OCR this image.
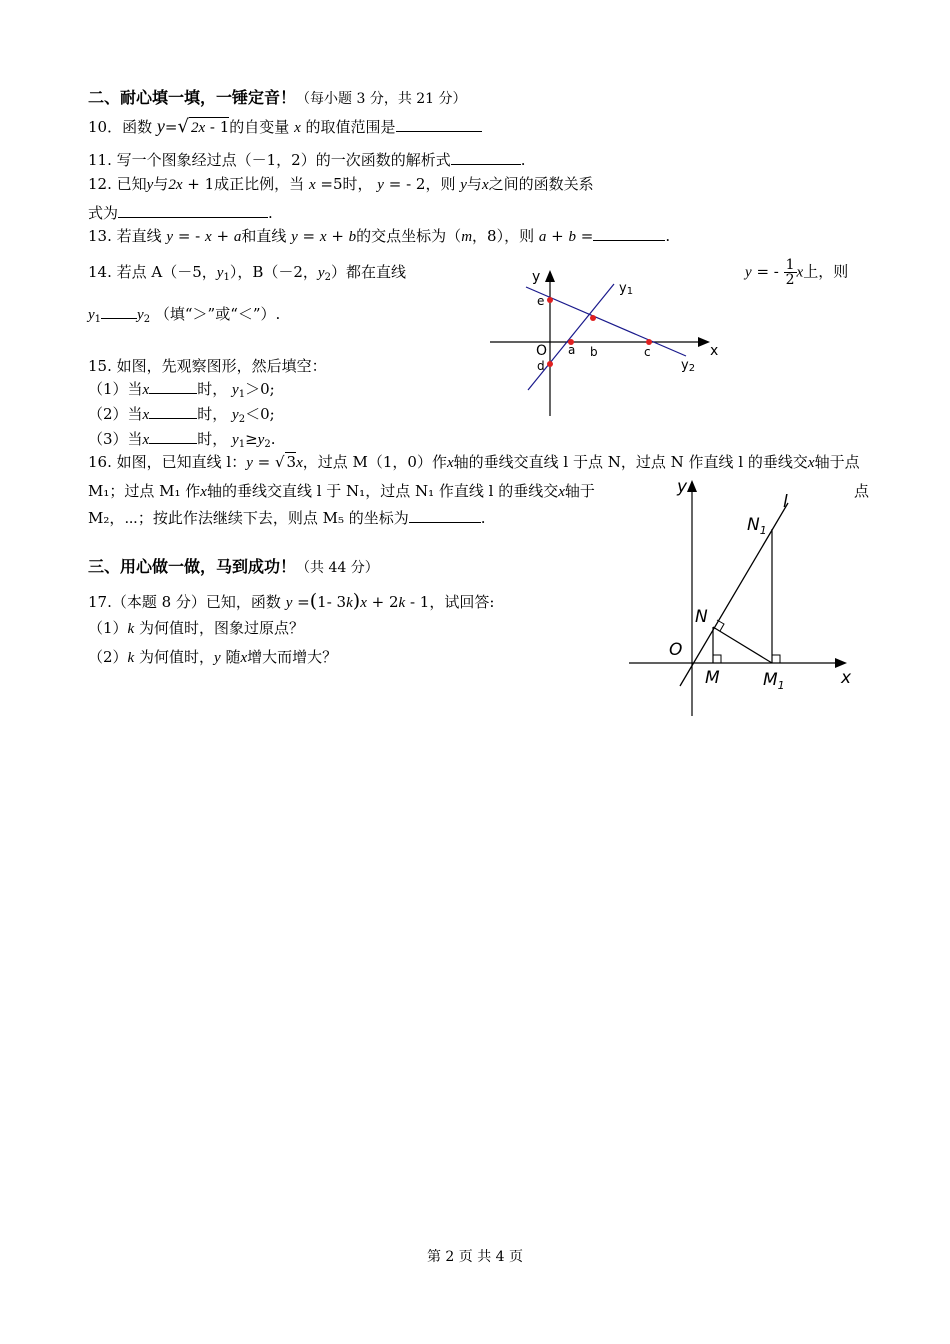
二、耐心填一填，一锤定音！（每小题 3 分，共 21 分）
10．函数 y=√ 2x - 1的自变量 x 的取值范围是
11. 写一个图象经过点（－1，2）的一次函数的解析式	.
12. 已知y与2x + 1成正比例，当 x =5时， y = - 2，则 y与x之间的函数关系
式为	.
13. 若直线 y = - x + a和直线 y = x + b的交点坐标为（m，8），则 a + b =	.
14. 若点 A（－5，$y_1$），B（－2，$y_2$）都在直线	y = - $\frac{1}{2}$ x上，则
$y_1$ $y_2$ （填“＞”或“＜”）.
y
x
O
e
a b	c
d
y1
y2
15. 如图，先观察图形，然后填空：
（1）当x	时， $y_1>0$;
（2）当x	时， $y_2<0$;
（3）当x	时， $y_1\ge y_2$.
16. 如图，已知直线 l：y = √ 3x，过点 M（1，0）作x轴的垂线交直线 l 于点 N，过点 N 作直线 l 的垂线交x轴于点
M₁；过点 M₁ 作x轴的垂线交直线 l 于 N₁，过点 N₁ 作直线 l 的垂线交x轴于	点
M₂，⋯；按此作法继续下去，则点 M₅ 的坐标为	.
y
x
O
l
N
$N_1$
M	$M_1$
三、用心做一做，马到成功！（共 44 分）
17.（本题 8 分）已知，函数 y =(1- 3k)x + 2k - 1，试回答:
（1）k 为何值时，图象过原点？
（2）k 为何值时，y 随x增大而增大？
第 2 页 共 4 页
